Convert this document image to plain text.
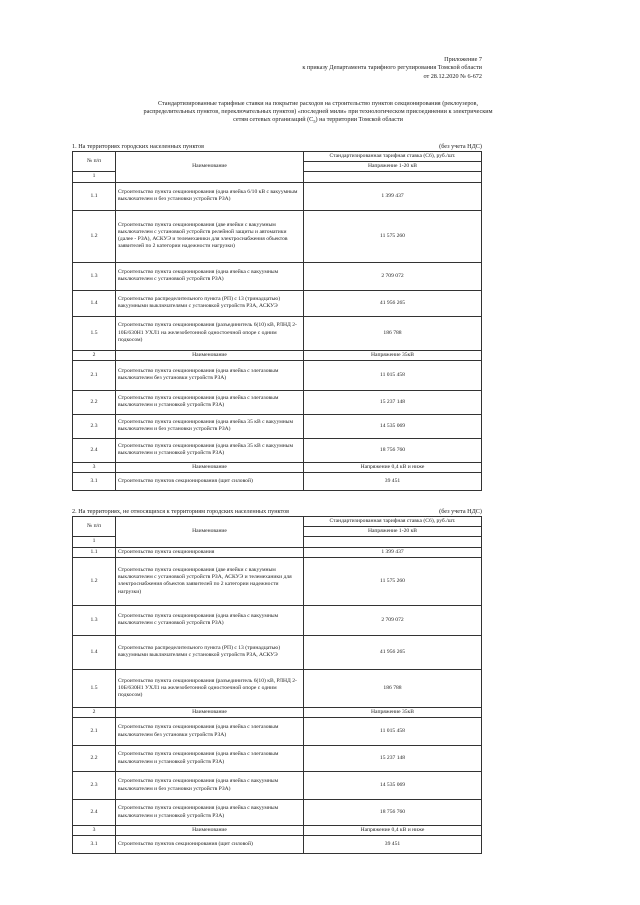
Приложение 7
к приказу Департамента тарифного регулирования Томской области
от 28.12.2020 № 6-672
Стандартизированные тарифные ставки на покрытие расходов на строительство пунктов секционирования (реклоузеров,
распределительных пунктов, переключательных пунктов) «последней мили» при технологическом присоединении к электрическим
сетям сетевых организаций $(С_5)$ на территории Томской области
1. На территориях городских населенных пунктов	(без учета НДС)
№ п/п	Наименование	Стандартизированная тарифная ставка (С6), руб./шт.
		Напряжение 1-20 кВ
1		
1.1	Строительство пункта секционирования (одна ячейка 6/10 кВ с вакуумным выключателем и без установки устройств РЗА)	1 399 437
1.2	Строительство пункта секционирования (две ячейки с вакуумным выключателем с установкой устройств релейной защиты и автоматики (далее - РЗА), АСКУЭ и телемеханики для электроснабжения объектов заявителей по 2 категории надежности нагрузки)	11 575 260
1.3	Строительство пункта секционирования (одна ячейка с вакуумным выключателем с установкой устройств РЗА)	2 709 072
1.4	Строительство распределительного пункта (РП) с 13 (тринадцатью) вакуумными выключателями с установкой устройств РЗА, АСКУЭ	41 956 265
1.5	Строительство пункта секционирования (разъединитель 6(10) кВ, РЛНД 2-10Б/630Н1 УХЛ1 на железобетонной одностоечной опоре с одним подкосом)	186 788
2	Наименование	Напряжение 35кВ
2.1	Строительство пункта секционирования (одна ячейка с элегазовым выключателем без установки устройств РЗА)	11 015 458
2.2	Строительство пункта секционирования (одна ячейка с элегазовым выключателем и установкой устройств РЗА)	15 237 148
2.3	Строительство пункта секционирования (одна ячейка 35 кВ с вакуумным выключателем и без установки устройств РЗА)	14 535 069
2.4	Строительство пункта секционирования (одна ячейка 35 кВ с вакуумным выключателем и установкой устройств РЗА)	18 756 760
3	Наименование	Напряжение 0,4 кВ и ниже
3.1	Строительство пунктов секционирования (щит силовой)	39 451
2. На территориях, не относящихся к территориям городских населенных пунктов	(без учета НДС)
№ п/п	Наименование	Стандартизированная тарифная ставка (С6), руб./шт.
		Напряжение 1-20 кВ
1		
1.1	Строительство пункта секционирования	1 399 437
1.2	Строительство пункта секционирования (две ячейки с вакуумным выключателем с установкой устройств РЗА, АСКУЭ и телемеханики для электроснабжения объектов заявителей по 2 категории надежности нагрузки)	11 575 260
1.3	Строительство пункта секционирования (одна ячейка с вакуумным выключателем с установкой устройств РЗА)	2 709 072
1.4	Строительство распределительного пункта (РП) с 13 (тринадцатью) вакуумными выключателями с установкой устройств РЗА, АСКУЭ	41 956 265
1.5	Строительство пункта секционирования (разъединитель 6(10) кВ, РЛНД 2-10Б/630Н1 УХЛ1 на железобетонной одностоечной опоре с одним подкосом)	186 788
2	Наименование	Напряжение 35кВ
2.1	Строительство пункта секционирования (одна ячейка с элегазовым выключателем без установки устройств РЗА)	11 015 458
2.2	Строительство пункта секционирования (одна ячейка с элегазовым выключателем и установкой устройств РЗА)	15 237 148
2.3	Строительство пункта секционирования (одна ячейка с вакуумным выключателем и без установки устройств РЗА)	14 535 069
2.4	Строительство пункта секционирования (одна ячейка с вакуумным выключателем и установкой устройств РЗА)	18 756 760
3	Наименование	Напряжение 0,4 кВ и ниже
3.1	Строительство пунктов секционирования (щит силовой)	39 451
